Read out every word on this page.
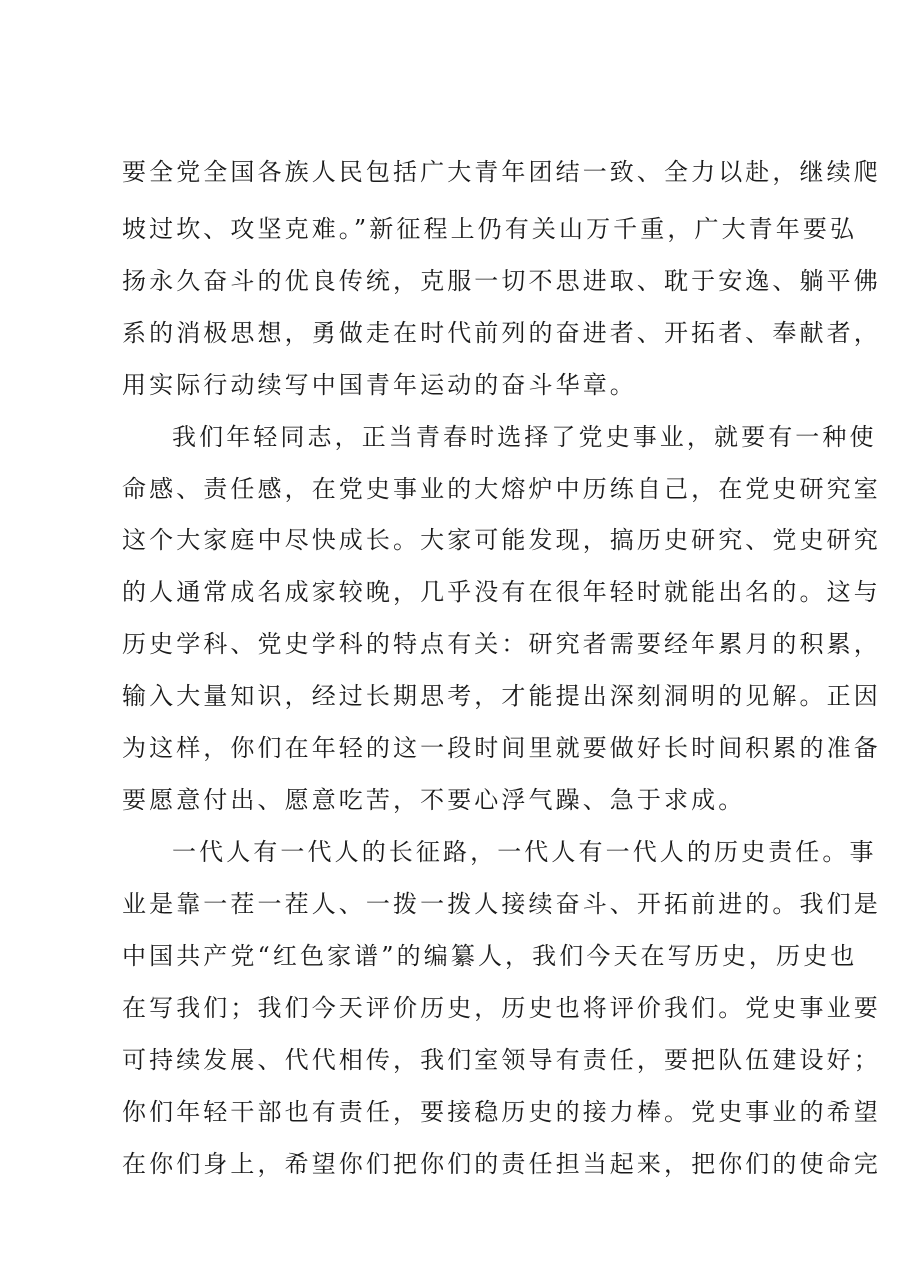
要全党全国各族人民包括广大青年团结一致、全力以赴，继续爬
坡过坎、攻坚克难。”新征程上仍有关山万千重，广大青年要弘
扬永久奋斗的优良传统，克服一切不思进取、耽于安逸、躺平佛
系的消极思想，勇做走在时代前列的奋进者、开拓者、奉献者，
用实际行动续写中国青年运动的奋斗华章。
我们年轻同志，正当青春时选择了党史事业，就要有一种使
命感、责任感，在党史事业的大熔炉中历练自己，在党史研究室
这个大家庭中尽快成长。大家可能发现，搞历史研究、党史研究
的人通常成名成家较晚，几乎没有在很年轻时就能出名的。这与
历史学科、党史学科的特点有关：研究者需要经年累月的积累，
输入大量知识，经过长期思考，才能提出深刻洞明的见解。正因
为这样，你们在年轻的这一段时间里就要做好长时间积累的准备
要愿意付出、愿意吃苦，不要心浮气躁、急于求成。
一代人有一代人的长征路，一代人有一代人的历史责任。事
业是靠一茬一茬人、一拨一拨人接续奋斗、开拓前进的。我们是
中国共产党“红色家谱”的编纂人，我们今天在写历史，历史也
在写我们；我们今天评价历史，历史也将评价我们。党史事业要
可持续发展、代代相传，我们室领导有责任，要把队伍建设好；
你们年轻干部也有责任，要接稳历史的接力棒。党史事业的希望
在你们身上，希望你们把你们的责任担当起来，把你们的使命完
